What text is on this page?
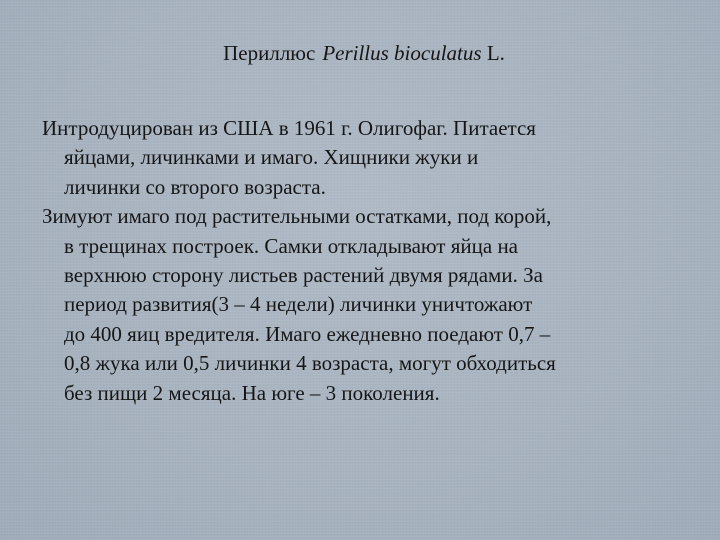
Периллюс Perillus bioculatus L.

Интродуцирован из США в 1961 г. Олигофаг. Питается
яйцами, личинками и имаго. Хищники жуки и
личинки со второго возраста.

Зимуют имаго под растительными остатками, под корой,
в трещинах построек. Самки откладывают яйца на
верхнюю сторону листьев растений двумя рядами. За
период развития(3 – 4 недели) личинки уничтожают
до 400 яиц вредителя. Имаго ежедневно поедают 0,7 –
0,8 жука или 0,5 личинки 4 возраста, могут обходиться
без пищи 2 месяца. На юге – 3 поколения.
